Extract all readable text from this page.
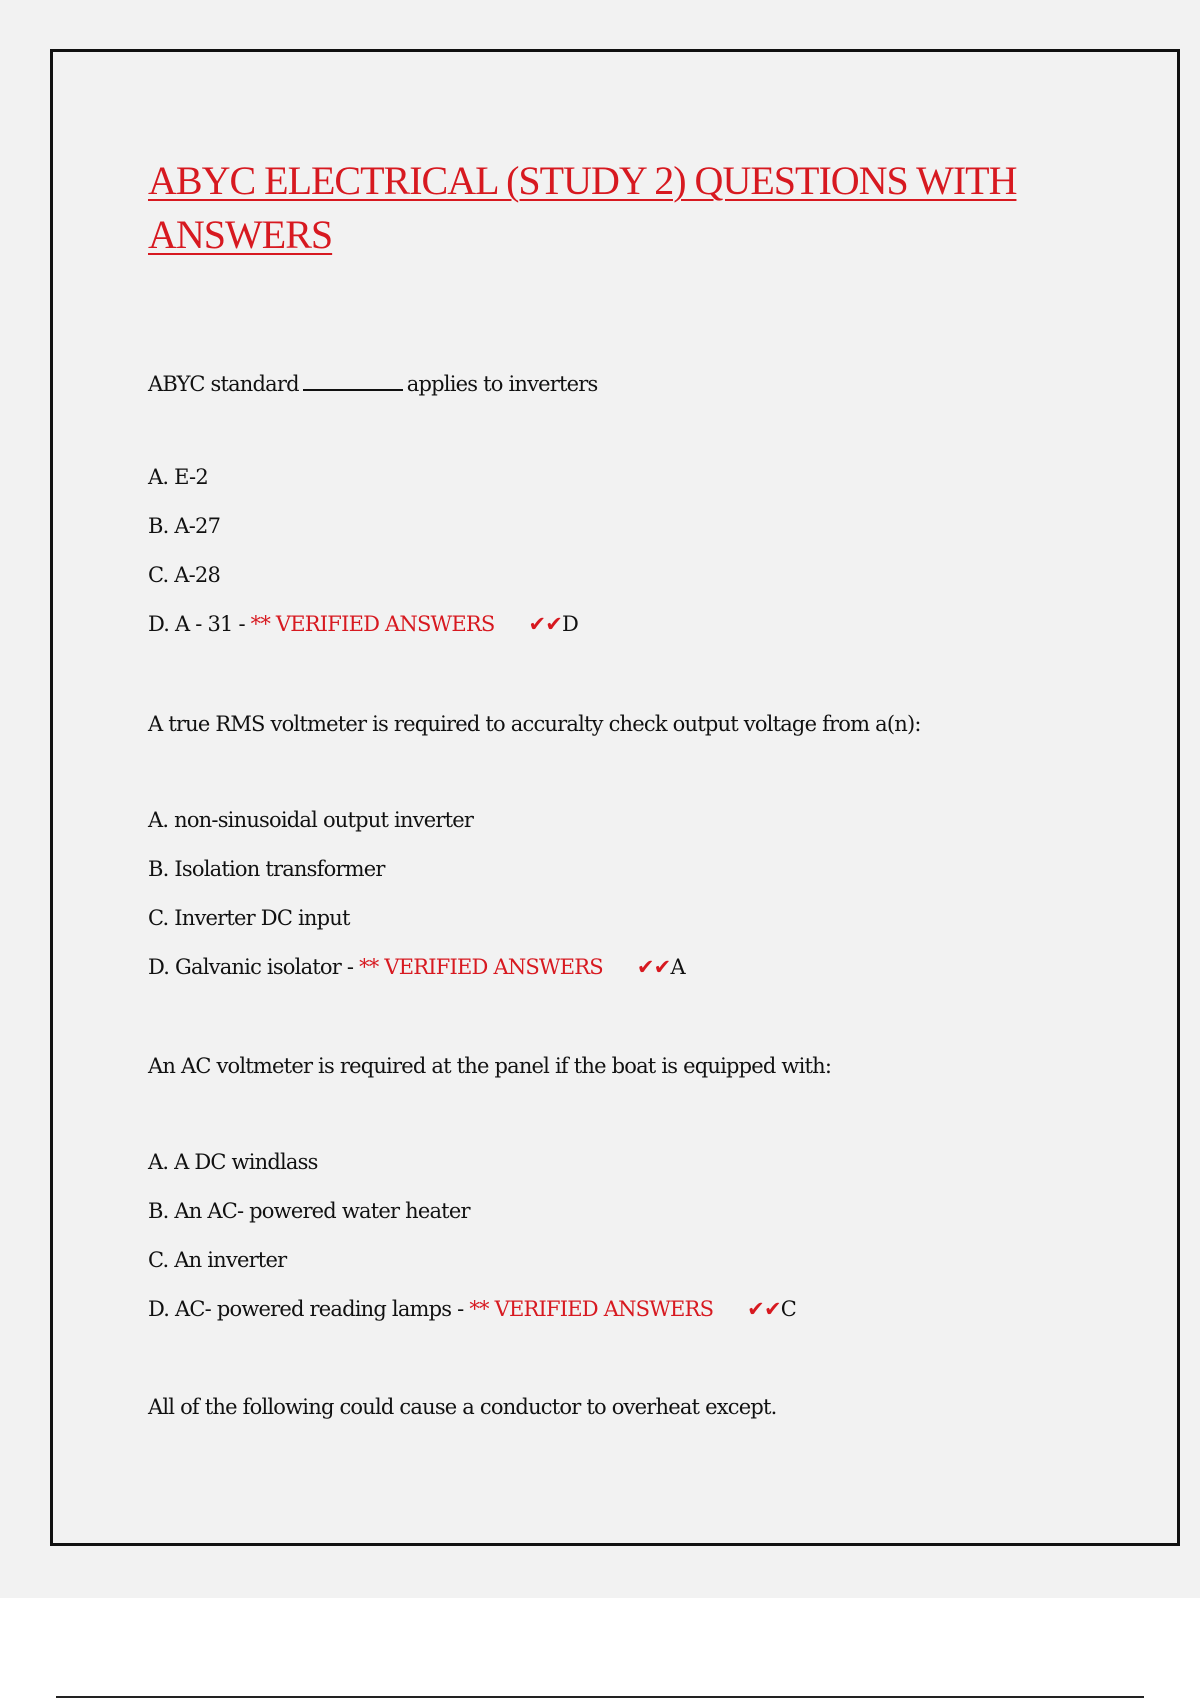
ABYC ELECTRICAL (STUDY 2) QUESTIONS WITH ANSWERS
ABYC standard	applies to inverters
A. E-2
B. A-27
C. A-28
D. A - 31 - ** VERIFIED ANSWERS ✔✔D
A true RMS voltmeter is required to accuralty check output voltage from a(n):
A. non-sinusoidal output inverter
B. Isolation transformer
C. Inverter DC input
D. Galvanic isolator - ** VERIFIED ANSWERS ✔✔A
An AC voltmeter is required at the panel if the boat is equipped with:
A. A DC windlass
B. An AC- powered water heater
C. An inverter
D. AC- powered reading lamps - ** VERIFIED ANSWERS ✔✔C
All of the following could cause a conductor to overheat except.
